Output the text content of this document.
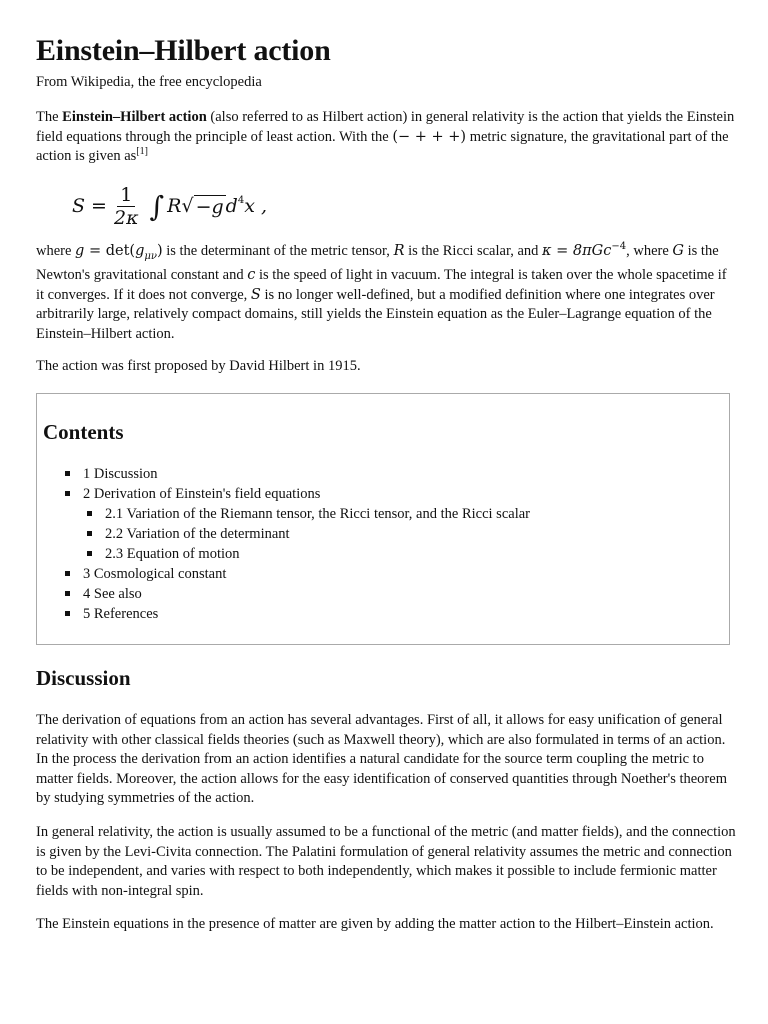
Einstein–Hilbert action
From Wikipedia, the free encyclopedia

The Einstein–Hilbert action (also referred to as Hilbert action) in general relativity is the action that yields the Einstein field equations through the principle of least action. With the (− + + +) metric signature, the gravitational part of the action is given as[1]

$S = \frac{1}{2\kappa}$ ∫ R √ −g d 4 x ,

where $g = \det(g_{\mu\nu})$ is the determinant of the metric tensor, R is the Ricci scalar, and κ = 8πGc$^{-4}$, where G is the Newton's gravitational constant and c is the speed of light in vacuum. The integral is taken over the whole spacetime if it converges. If it does not converge, S is no longer well-defined, but a modified definition where one integrates over arbitrarily large, relatively compact domains, still yields the Einstein equation as the Euler–Lagrange equation of the Einstein–Hilbert action.

The action was first proposed by David Hilbert in 1915.

Contents
1 Discussion
2 Derivation of Einstein's field equations
2.1 Variation of the Riemann tensor, the Ricci tensor, and the Ricci scalar
2.2 Variation of the determinant
2.3 Equation of motion
3 Cosmological constant
4 See also
5 References
Discussion

The derivation of equations from an action has several advantages. First of all, it allows for easy unification of general relativity with other classical fields theories (such as Maxwell theory), which are also formulated in terms of an action. In the process the derivation from an action identifies a natural candidate for the source term coupling the metric to matter fields. Moreover, the action allows for the easy identification of conserved quantities through Noether's theorem by studying symmetries of the action.

In general relativity, the action is usually assumed to be a functional of the metric (and matter fields), and the connection is given by the Levi-Civita connection. The Palatini formulation of general relativity assumes the metric and connection to be independent, and varies with respect to both independently, which makes it possible to include fermionic matter fields with non-integral spin.

The Einstein equations in the presence of matter are given by adding the matter action to the Hilbert–Einstein action.
